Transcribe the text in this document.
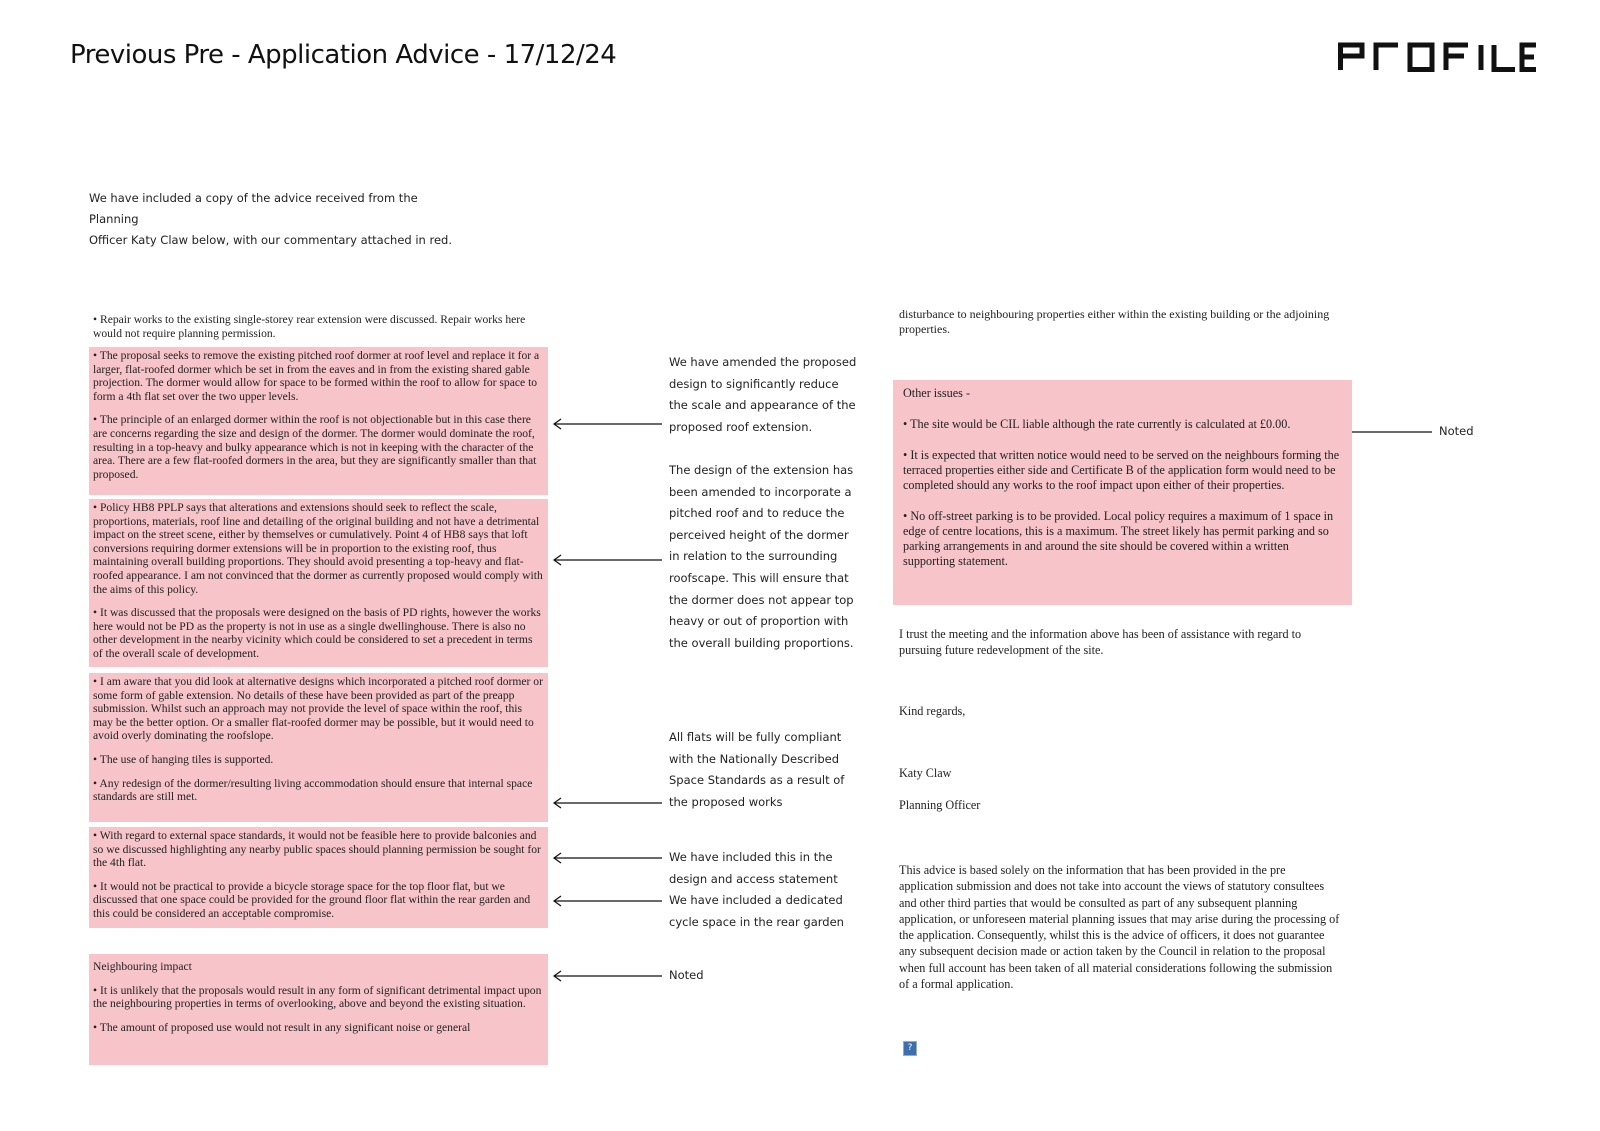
Previous Pre - Application Advice - 17/12/24
We have included a copy of the advice received from the Planning
Officer Katy Claw below, with our commentary attached in red.

• Repair works to the existing single-storey rear extension were discussed. Repair works here would not require planning permission.

• The proposal seeks to remove the existing pitched roof dormer at roof level and replace it for a larger, flat-roofed dormer which be set in from the eaves and in from the existing shared gable projection. The dormer would allow for space to be formed within the roof to allow for space to form a 4th flat set over the two upper levels.

• The principle of an enlarged dormer within the roof is not objectionable but in this case there are concerns regarding the size and design of the dormer. The dormer would dominate the roof, resulting in a top-heavy and bulky appearance which is not in keeping with the character of the area. There are a few flat-roofed dormers in the area, but they are significantly smaller than that proposed.

• Policy HB8 PPLP says that alterations and extensions should seek to reflect the scale, proportions, materials, roof line and detailing of the original building and not have a detrimental impact on the street scene, either by themselves or cumulatively. Point 4 of HB8 says that loft conversions requiring dormer extensions will be in proportion to the existing roof, thus maintaining overall building proportions. They should avoid presenting a top-heavy and flat-roofed appearance. I am not convinced that the dormer as currently proposed would comply with the aims of this policy.

• It was discussed that the proposals were designed on the basis of PD rights, however the works here would not be PD as the property is not in use as a single dwellinghouse. There is also no other development in the nearby vicinity which could be considered to set a precedent in terms of the overall scale of development.

• I am aware that you did look at alternative designs which incorporated a pitched roof dormer or some form of gable extension. No details of these have been provided as part of the preapp submission. Whilst such an approach may not provide the level of space within the roof, this may be the better option. Or a smaller flat-roofed dormer may be possible, but it would need to avoid overly dominating the roofslope.

• The use of hanging tiles is supported.

• Any redesign of the dormer/resulting living accommodation should ensure that internal space standards are still met.

• With regard to external space standards, it would not be feasible here to provide balconies and so we discussed highlighting any nearby public spaces should planning permission be sought for the 4th flat.

• It would not be practical to provide a bicycle storage space for the top floor flat, but we discussed that one space could be provided for the ground floor flat within the rear garden and this could be considered an acceptable compromise.

Neighbouring impact

• It is unlikely that the proposals would result in any form of significant detrimental impact upon the neighbouring properties in terms of overlooking, above and beyond the existing situation.

• The amount of proposed use would not result in any significant noise or general

We have amended the proposed design to significantly reduce the scale and appearance of the proposed roof extension.
The design of the extension has been amended to incorporate a pitched roof and to reduce the perceived height of the dormer in relation to the surrounding roofscape. This will ensure that the dormer does not appear top heavy or out of proportion with the overall building proportions.
All flats will be fully compliant with the Nationally Described Space Standards as a result of the proposed works
We have included this in the design and access statement
We have included a dedicated cycle space in the rear garden
Noted
Noted

disturbance to neighbouring properties either within the existing building or the adjoining properties.

Other issues -

• The site would be CIL liable although the rate currently is calculated at £0.00.

• It is expected that written notice would need to be served on the neighbours forming the terraced properties either side and Certificate B of the application form would need to be completed should any works to the roof impact upon either of their properties.

• No off-street parking is to be provided. Local policy requires a maximum of 1 space in edge of centre locations, this is a maximum. The street likely has permit parking and so parking arrangements in and around the site should be covered within a written supporting statement.

I trust the meeting and the information above has been of assistance with regard to pursuing future redevelopment of the site.

Kind regards,
Katy Claw
Planning Officer

This advice is based solely on the information that has been provided in the pre application submission and does not take into account the views of statutory consultees and other third parties that would be consulted as part of any subsequent planning application, or unforeseen material planning issues that may arise during the processing of the application. Consequently, whilst this is the advice of officers, it does not guarantee any subsequent decision made or action taken by the Council in relation to the proposal when full account has been taken of all material considerations following the submission of a formal application.

?
